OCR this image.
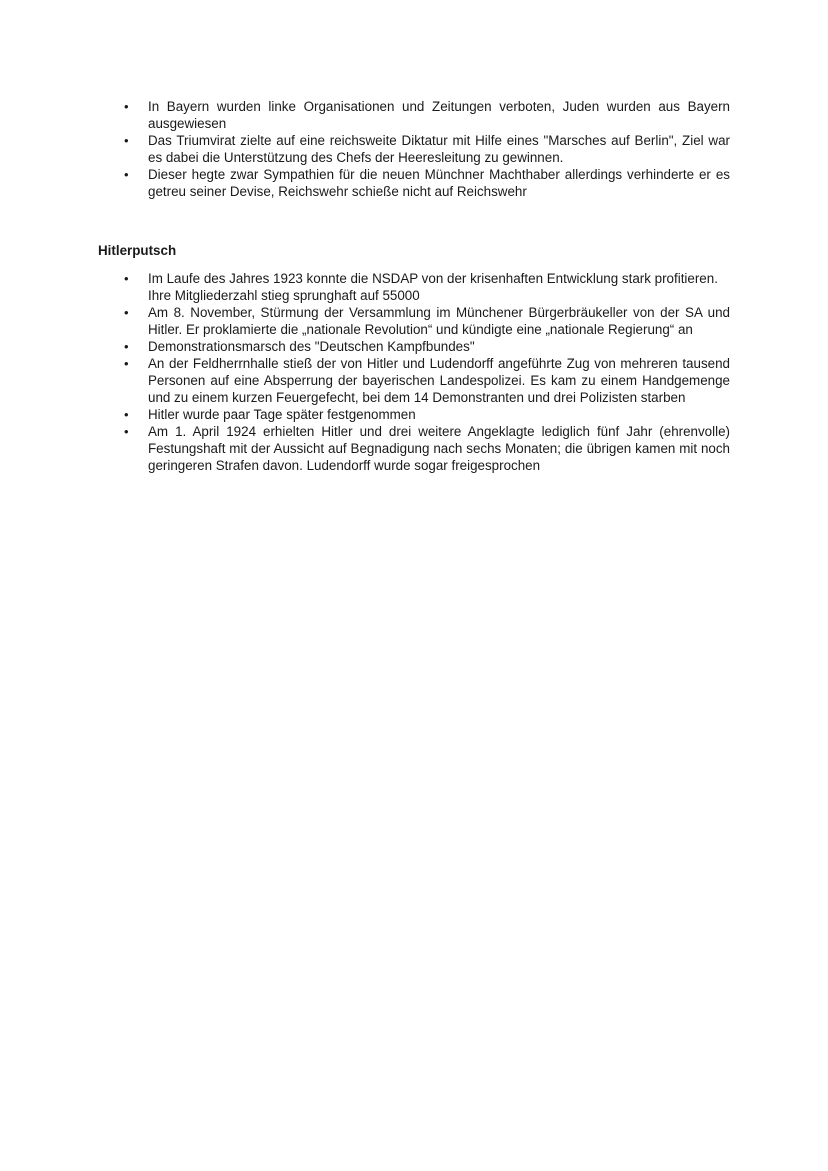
• In Bayern wurden linke Organisationen und Zeitungen verboten, Juden wurden aus Bayern ausgewiesen
• Das Triumvirat zielte auf eine reichsweite Diktatur mit Hilfe eines "Marsches auf Berlin", Ziel war es dabei die Unterstützung des Chefs der Heeresleitung zu gewinnen.
• Dieser hegte zwar Sympathien für die neuen Münchner Machthaber allerdings verhinderte er es getreu seiner Devise, Reichswehr schieße nicht auf Reichswehr
Hitlerputsch
• Im Laufe des Jahres 1923 konnte die NSDAP von der krisenhaften Entwicklung stark profitieren. Ihre Mitgliederzahl stieg sprunghaft auf 55000
• Am 8. November, Stürmung der Versammlung im Münchener Bürgerbräukeller von der SA und Hitler. Er proklamierte die „nationale Revolution“ und kündigte eine „nationale Regierung“ an
• Demonstrationsmarsch des "Deutschen Kampfbundes"
• An der Feldherrnhalle stieß der von Hitler und Ludendorff angeführte Zug von mehreren tausend Personen auf eine Absperrung der bayerischen Landespolizei. Es kam zu einem Handgemenge und zu einem kurzen Feuergefecht, bei dem 14 Demonstranten und drei Polizisten starben
• Hitler wurde paar Tage später festgenommen
• Am 1. April 1924 erhielten Hitler und drei weitere Angeklagte lediglich fünf Jahr (ehrenvolle) Festungshaft mit der Aussicht auf Begnadigung nach sechs Monaten; die übrigen kamen mit noch geringeren Strafen davon. Ludendorff wurde sogar freigesprochen
